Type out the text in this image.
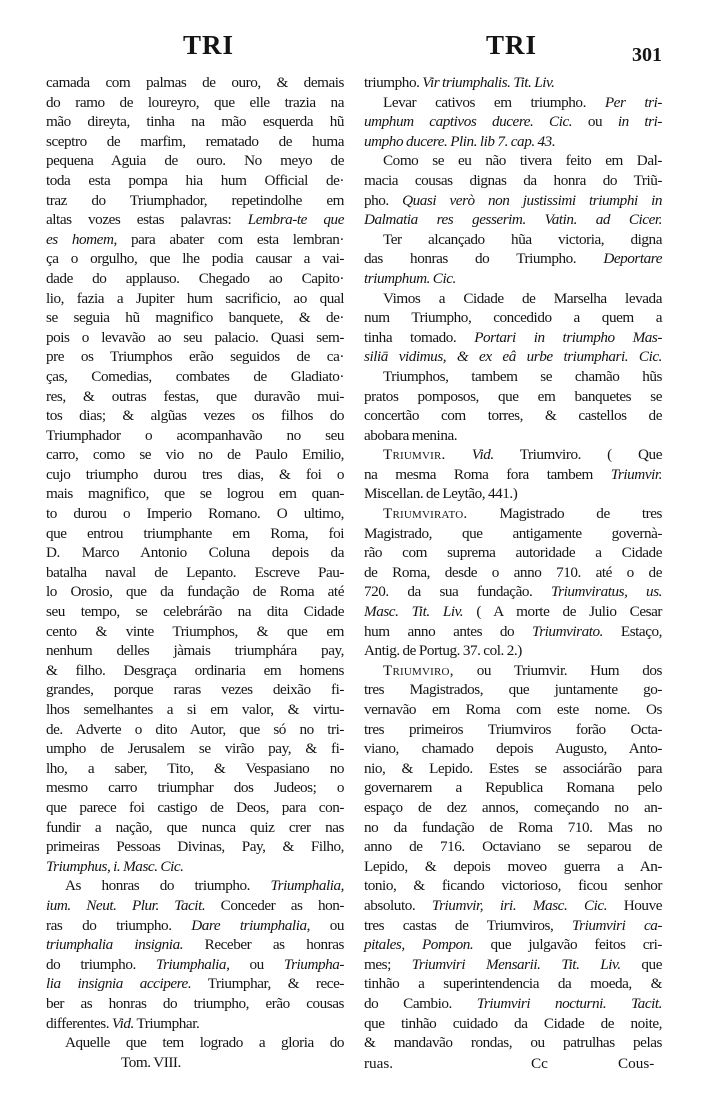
TRI	TRI	301
camada com palmas de ouro, & demais
do ramo de loureyro, que elle trazia na
mão direyta, tinha na mão esquerda hũ
sceptro de marfim, rematado de huma
pequena Aguia de ouro. No meyo de
toda esta pompa hia hum Official de·
traz do Triumphador, repetindolhe em
altas vozes estas palavras: Lembra-te que
es homem, para abater com esta lembran·
ça o orgulho, que lhe podia causar a vai-
dade do applauso. Chegado ao Capito·
lio, fazia a Jupiter hum sacrificio, ao qual
se seguia hũ magnifico banquete, & de·
pois o levavão ao seu palacio. Quasi sem-
pre os Triumphos erão seguidos de ca·
ças, Comedias, combates de Gladiato·
res, & outras festas, que duravão mui-
tos dias; & algũas vezes os filhos do
Triumphador o acompanhavão no seu
carro, como se vio no de Paulo Emilio,
cujo triumpho durou tres dias, & foi o
mais magnifico, que se logrou em quan-
to durou o Imperio Romano. O ultimo,
que entrou triumphante em Roma, foi
D. Marco Antonio Coluna depois da
batalha naval de Lepanto. Escreve Pau-
lo Orosio, que da fundação de Roma até
seu tempo, se celebrárão na dita Cidade
cento & vinte Triumphos, & que em
nenhum delles jàmais triumphára pay,
& filho. Desgraça ordinaria em homens
grandes, porque raras vezes deixão fi-
lhos semelhantes a si em valor, & virtu-
de. Adverte o dito Autor, que só no tri-
umpho de Jerusalem se virão pay, & fi-
lho, a saber, Tito, & Vespasiano no
mesmo carro triumphar dos Judeos; o
que parece foi castigo de Deos, para con-
fundir a nação, que nunca quiz crer nas
primeiras Pessoas Divinas, Pay, & Filho,
Triumphus, i. Masc. Cic.
As honras do triumpho. Triumphalia,
ium. Neut. Plur. Tacit. Conceder as hon-
ras do triumpho. Dare triumphalia, ou
triumphalia insignia. Receber as honras
do triumpho. Triumphalia, ou Triumpha-
lia insignia accipere. Triumphar, & rece-
ber as honras do triumpho, erão cousas
differentes. Vid. Triumphar.
Aquelle que tem logrado a gloria do
Tom. VIII.
triumpho. Vir triumphalis. Tit. Liv.
Levar cativos em triumpho. Per tri-
umphum captivos ducere. Cic. ou in tri-
umpho ducere. Plin. lib 7. cap. 43.
Como se eu não tivera feito em Dal-
macia cousas dignas da honra do Triũ-
pho. Quasi verò non justissimi triumphi in
Dalmatia res gesserim. Vatin. ad Cicer.
Ter alcançado hũa victoria, digna
das honras do Triumpho. Deportare
triumphum. Cic.
Vimos a Cidade de Marselha levada
num Triumpho, concedido a quem a
tinha tomado. Portari in triumpho Mas-
siliā vidimus, & ex eâ urbe triumphari. Cic.
Triumphos, tambem se chamão hũs
pratos pomposos, que em banquetes se
concertão com torres, & castellos de
abobara menina.
Triumvir. Vid. Triumviro. ( Que
na mesma Roma fora tambem Triumvir.
Miscellan. de Leytão, 441.)
Triumvirato. Magistrado de tres
Magistrado, que antigamente governà-
rão com suprema autoridade a Cidade
de Roma, desde o anno 710. até o de
720. da sua fundação. Triumviratus, us.
Masc. Tit. Liv. ( A morte de Julio Cesar
hum anno antes do Triumvirato. Estaço,
Antig. de Portug. 37. col. 2.)
Triumviro, ou Triumvir. Hum dos
tres Magistrados, que juntamente go-
vernavão em Roma com este nome. Os
tres primeiros Triumviros forão Octa-
viano, chamado depois Augusto, Anto-
nio, & Lepido. Estes se associárão para
governarem a Republica Romana pelo
espaço de dez annos, começando no an-
no da fundação de Roma 710. Mas no
anno de 716. Octaviano se separou de
Lepido, & depois moveo guerra a An-
tonio, & ficando victorioso, ficou senhor
absoluto. Triumvir, iri. Masc. Cic. Houve
tres castas de Triumviros, Triumviri ca-
pitales, Pompon. que julgavão feitos cri-
mes; Triumviri Mensarii. Tit. Liv. que
tinhão a superintendencia da moeda, &
do Cambio. Triumviri nocturni. Tacit.
que tinhão cuidado da Cidade de noite,
& mandavão rondas, ou patrulhas pelas
ruas.	Cc	Cous-
